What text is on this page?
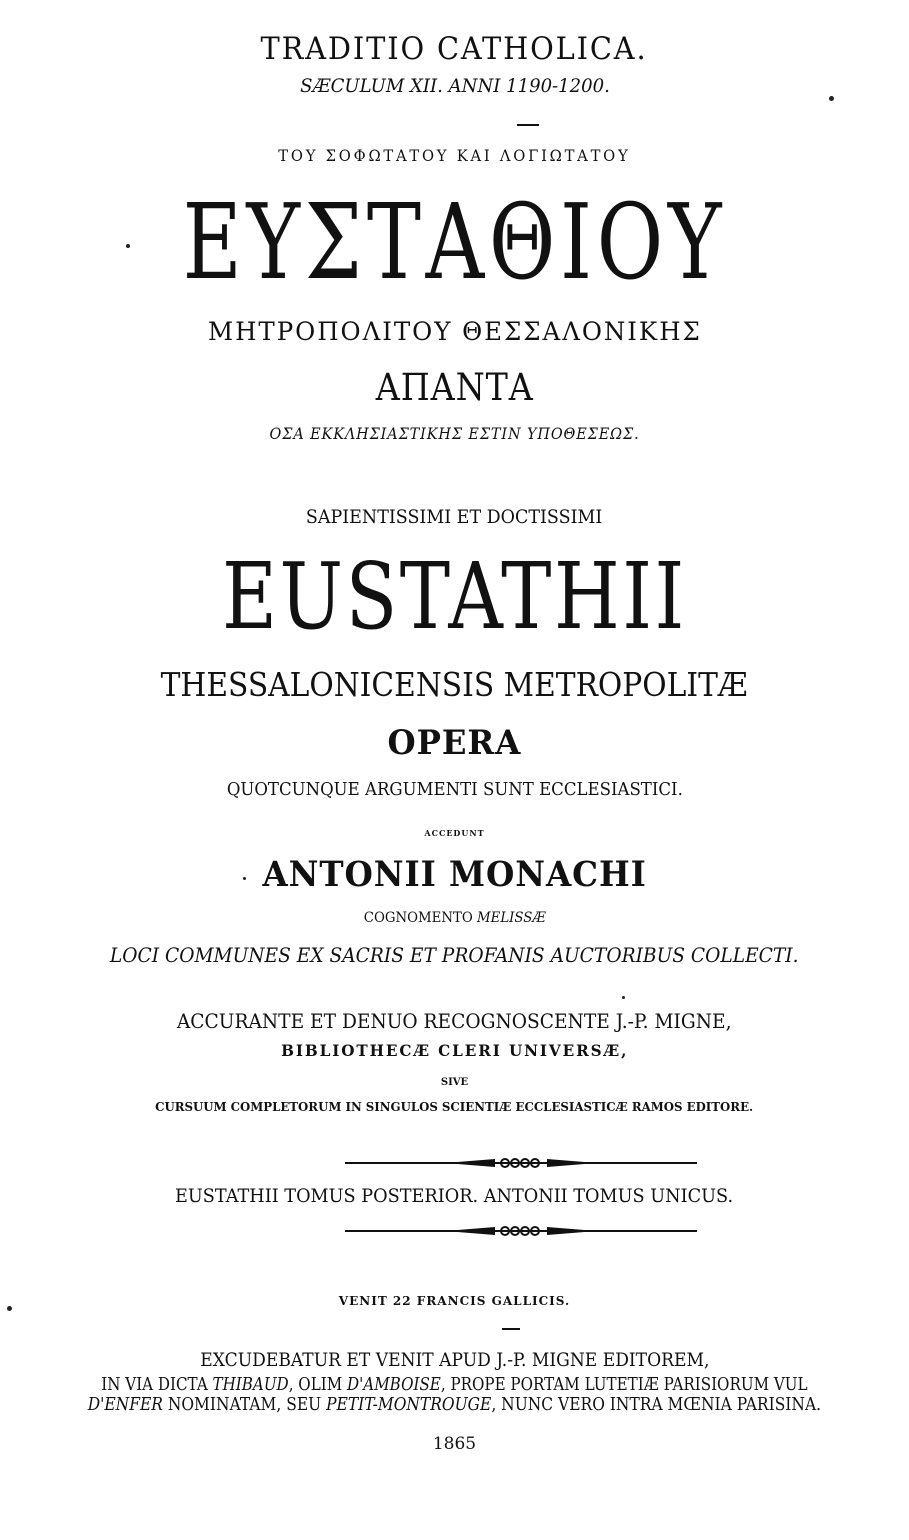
TRADITIO CATHOLICA.
SÆCULUM XII. ANNI 1190-1200.
ΤΟΥ ΣΟΦΩΤΑΤΟΥ ΚΑΙ ΛΟΓΙΩΤΑΤΟΥ
ΕΥΣΤΑΘΙΟΥ
ΜΗΤΡΟΠΟΛΙΤΟΥ ΘΕΣΣΑΛΟΝΙΚΗΣ
ΑΠΑΝΤΑ
ΟΣΑ ΕΚΚΛΗΣΙΑΣΤΙΚΗΣ ΕΣΤΙΝ ΥΠΟΘΕΣΕΩΣ.
SAPIENTISSIMI ET DOCTISSIMI
EUSTATHII
THESSALONICENSIS METROPOLITÆ
OPERA
QUOTCUNQUE ARGUMENTI SUNT ECCLESIASTICI.
ACCEDUNT
ANTONII MONACHI
COGNOMENTO MELISSÆ
LOCI COMMUNES EX SACRIS ET PROFANIS AUCTORIBUS COLLECTI.
ACCURANTE ET DENUO RECOGNOSCENTE J.-P. MIGNE,
BIBLIOTHECÆ CLERI UNIVERSÆ,
SIVE
CURSUUM COMPLETORUM IN SINGULOS SCIENTIÆ ECCLESIASTICÆ RAMOS EDITORE.
EUSTATHII TOMUS POSTERIOR. ANTONII TOMUS UNICUS.
VENIT 22 FRANCIS GALLICIS.
EXCUDEBATUR ET VENIT APUD J.-P. MIGNE EDITOREM,
IN VIA DICTA THIBAUD, OLIM D'AMBOISE, PROPE PORTAM LUTETIÆ PARISIORUM VUL
D'ENFER NOMINATAM, SEU PETIT-MONTROUGE, NUNC VERO INTRA MŒNIA PARISINA.
1865
